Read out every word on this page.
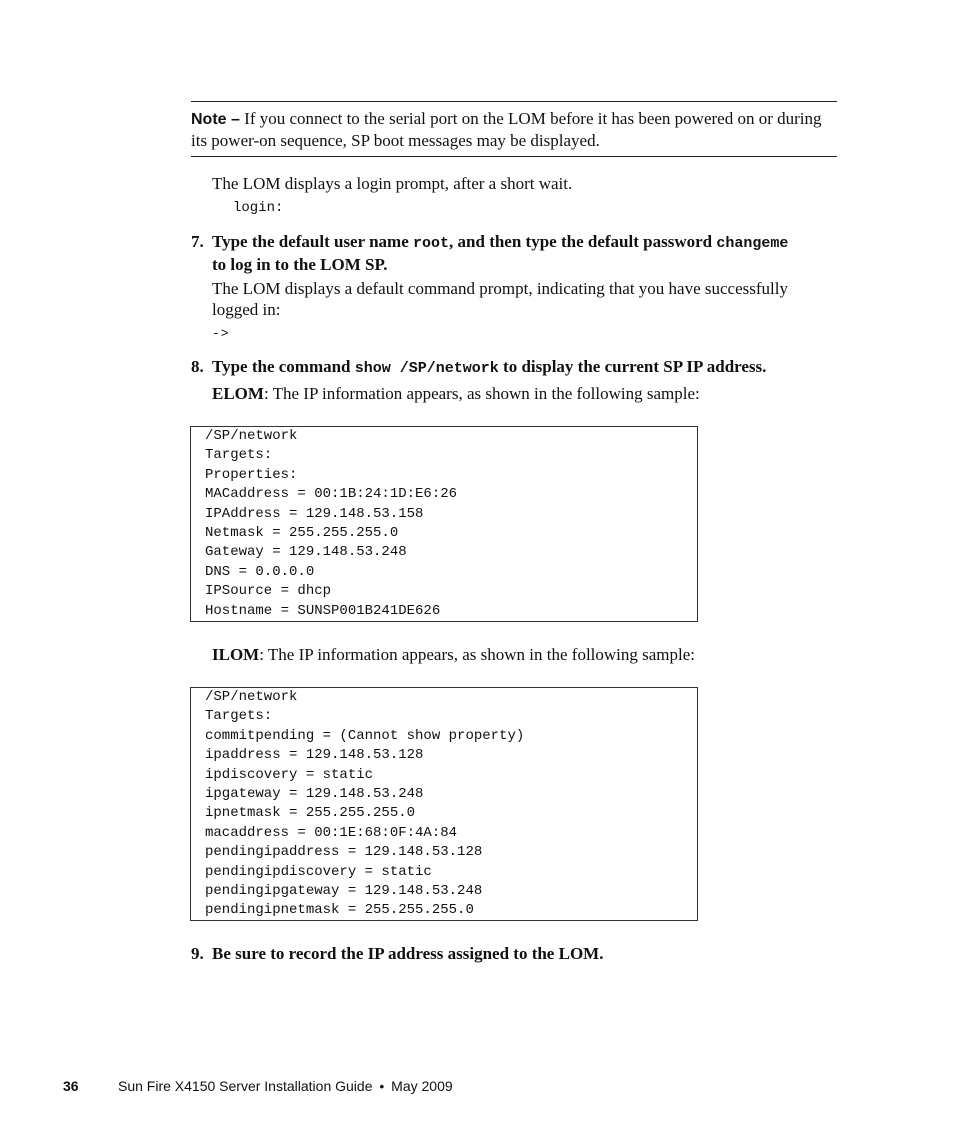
Note – If you connect to the serial port on the LOM before it has been powered on or during its power-on sequence, SP boot messages may be displayed.
The LOM displays a login prompt, after a short wait.
login:
7. Type the default user name root, and then type the default password changeme to log in to the LOM SP.
The LOM displays a default command prompt, indicating that you have successfully logged in:
->
8. Type the command show /SP/network to display the current SP IP address.
ELOM: The IP information appears, as shown in the following sample:
/SP/network
Targets:
Properties:
MACaddress = 00:1B:24:1D:E6:26
IPAddress = 129.148.53.158
Netmask = 255.255.255.0
Gateway = 129.148.53.248
DNS = 0.0.0.0
IPSource = dhcp
Hostname = SUNSP001B241DE626
ILOM: The IP information appears, as shown in the following sample:
/SP/network
Targets:
commitpending = (Cannot show property)
ipaddress = 129.148.53.128
ipdiscovery = static
ipgateway = 129.148.53.248
ipnetmask = 255.255.255.0
macaddress = 00:1E:68:0F:4A:84
pendingipaddress = 129.148.53.128
pendingipdiscovery = static
pendingipgateway = 129.148.53.248
pendingipnetmask = 255.255.255.0
9. Be sure to record the IP address assigned to the LOM.
36	Sun Fire X4150 Server Installation Guide • May 2009
